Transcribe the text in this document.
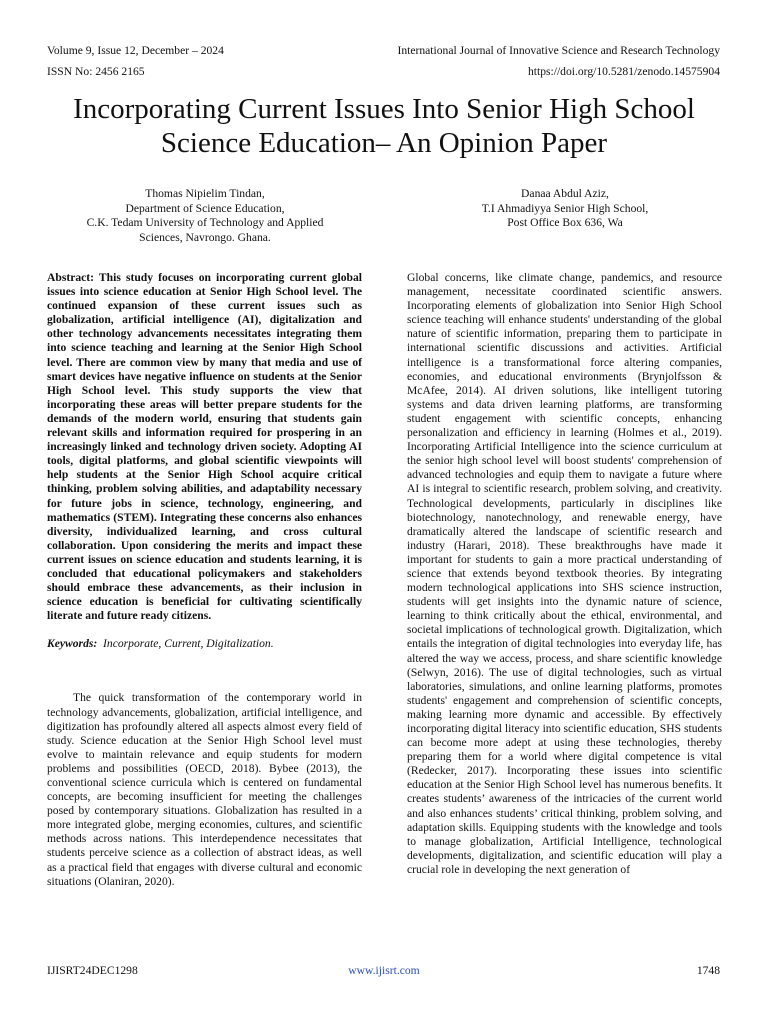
Volume 9, Issue 12, December – 2024
ISSN No: 2456 2165
International Journal of Innovative Science and Research Technology
https://doi.org/10.5281/zenodo.14575904
Incorporating Current Issues Into Senior High School
Science Education– An Opinion Paper
Thomas Nipielim Tindan,
Department of Science Education,
C.K. Tedam University of Technology and Applied
Sciences, Navrongo. Ghana.
Danaa Abdul Aziz,
T.I Ahmadiyya Senior High School,
Post Office Box 636, Wa

Abstract: This study focuses on incorporating current global issues into science education at Senior High School level. The continued expansion of these current issues such as globalization, artificial intelligence (AI), digitalization and other technology advancements necessitates integrating them into science teaching and learning at the Senior High School level. There are common view by many that media and use of smart devices have negative influence on students at the Senior High School level. This study supports the view that incorporating these areas will better prepare students for the demands of the modern world, ensuring that students gain relevant skills and information required for prospering in an increasingly linked and technology driven society. Adopting AI tools, digital platforms, and global scientific viewpoints will help students at the Senior High School acquire critical thinking, problem solving abilities, and adaptability necessary for future jobs in science, technology, engineering, and mathematics (STEM). Integrating these concerns also enhances diversity, individualized learning, and cross cultural collaboration. Upon considering the merits and impact these current issues on science education and students learning, it is concluded that educational policymakers and stakeholders should embrace these advancements, as their inclusion in science education is beneficial for cultivating scientifically literate and future ready citizens.

Keywords: Incorporate, Current, Digitalization.

The quick transformation of the contemporary world in technology advancements, globalization, artificial intelligence, and digitization has profoundly altered all aspects almost every field of study. Science education at the Senior High School level must evolve to maintain relevance and equip students for modern problems and possibilities (OECD, 2018). Bybee (2013), the conventional science curricula which is centered on fundamental concepts, are becoming insufficient for meeting the challenges posed by contemporary situations. Globalization has resulted in a more integrated globe, merging economies, cultures, and scientific methods across nations. This interdependence necessitates that students perceive science as a collection of abstract ideas, as well as a practical field that engages with diverse cultural and economic situations (Olaniran, 2020).

Global concerns, like climate change, pandemics, and resource management, necessitate coordinated scientific answers. Incorporating elements of globalization into Senior High School science teaching will enhance students' understanding of the global nature of scientific information, preparing them to participate in international scientific discussions and activities. Artificial intelligence is a transformational force altering companies, economies, and educational environments (Brynjolfsson & McAfee, 2014). AI driven solutions, like intelligent tutoring systems and data driven learning platforms, are transforming student engagement with scientific concepts, enhancing personalization and efficiency in learning (Holmes et al., 2019). Incorporating Artificial Intelligence into the science curriculum at the senior high school level will boost students' comprehension of advanced technologies and equip them to navigate a future where AI is integral to scientific research, problem solving, and creativity. Technological developments, particularly in disciplines like biotechnology, nanotechnology, and renewable energy, have dramatically altered the landscape of scientific research and industry (Harari, 2018). These breakthroughs have made it important for students to gain a more practical understanding of science that extends beyond textbook theories. By integrating modern technological applications into SHS science instruction, students will get insights into the dynamic nature of science, learning to think critically about the ethical, environmental, and societal implications of technological growth. Digitalization, which entails the integration of digital technologies into everyday life, has altered the way we access, process, and share scientific knowledge (Selwyn, 2016). The use of digital technologies, such as virtual laboratories, simulations, and online learning platforms, promotes students' engagement and comprehension of scientific concepts, making learning more dynamic and accessible. By effectively incorporating digital literacy into scientific education, SHS students can become more adept at using these technologies, thereby preparing them for a world where digital competence is vital (Redecker, 2017). Incorporating these issues into scientific education at the Senior High School level has numerous benefits. It creates students’ awareness of the intricacies of the current world and also enhances students’ critical thinking, problem solving, and adaptation skills. Equipping students with the knowledge and tools to manage globalization, Artificial Intelligence, technological developments, digitalization, and scientific education will play a crucial role in developing the next generation of

IJISRT24DEC1298	www.ijisrt.com	1748
